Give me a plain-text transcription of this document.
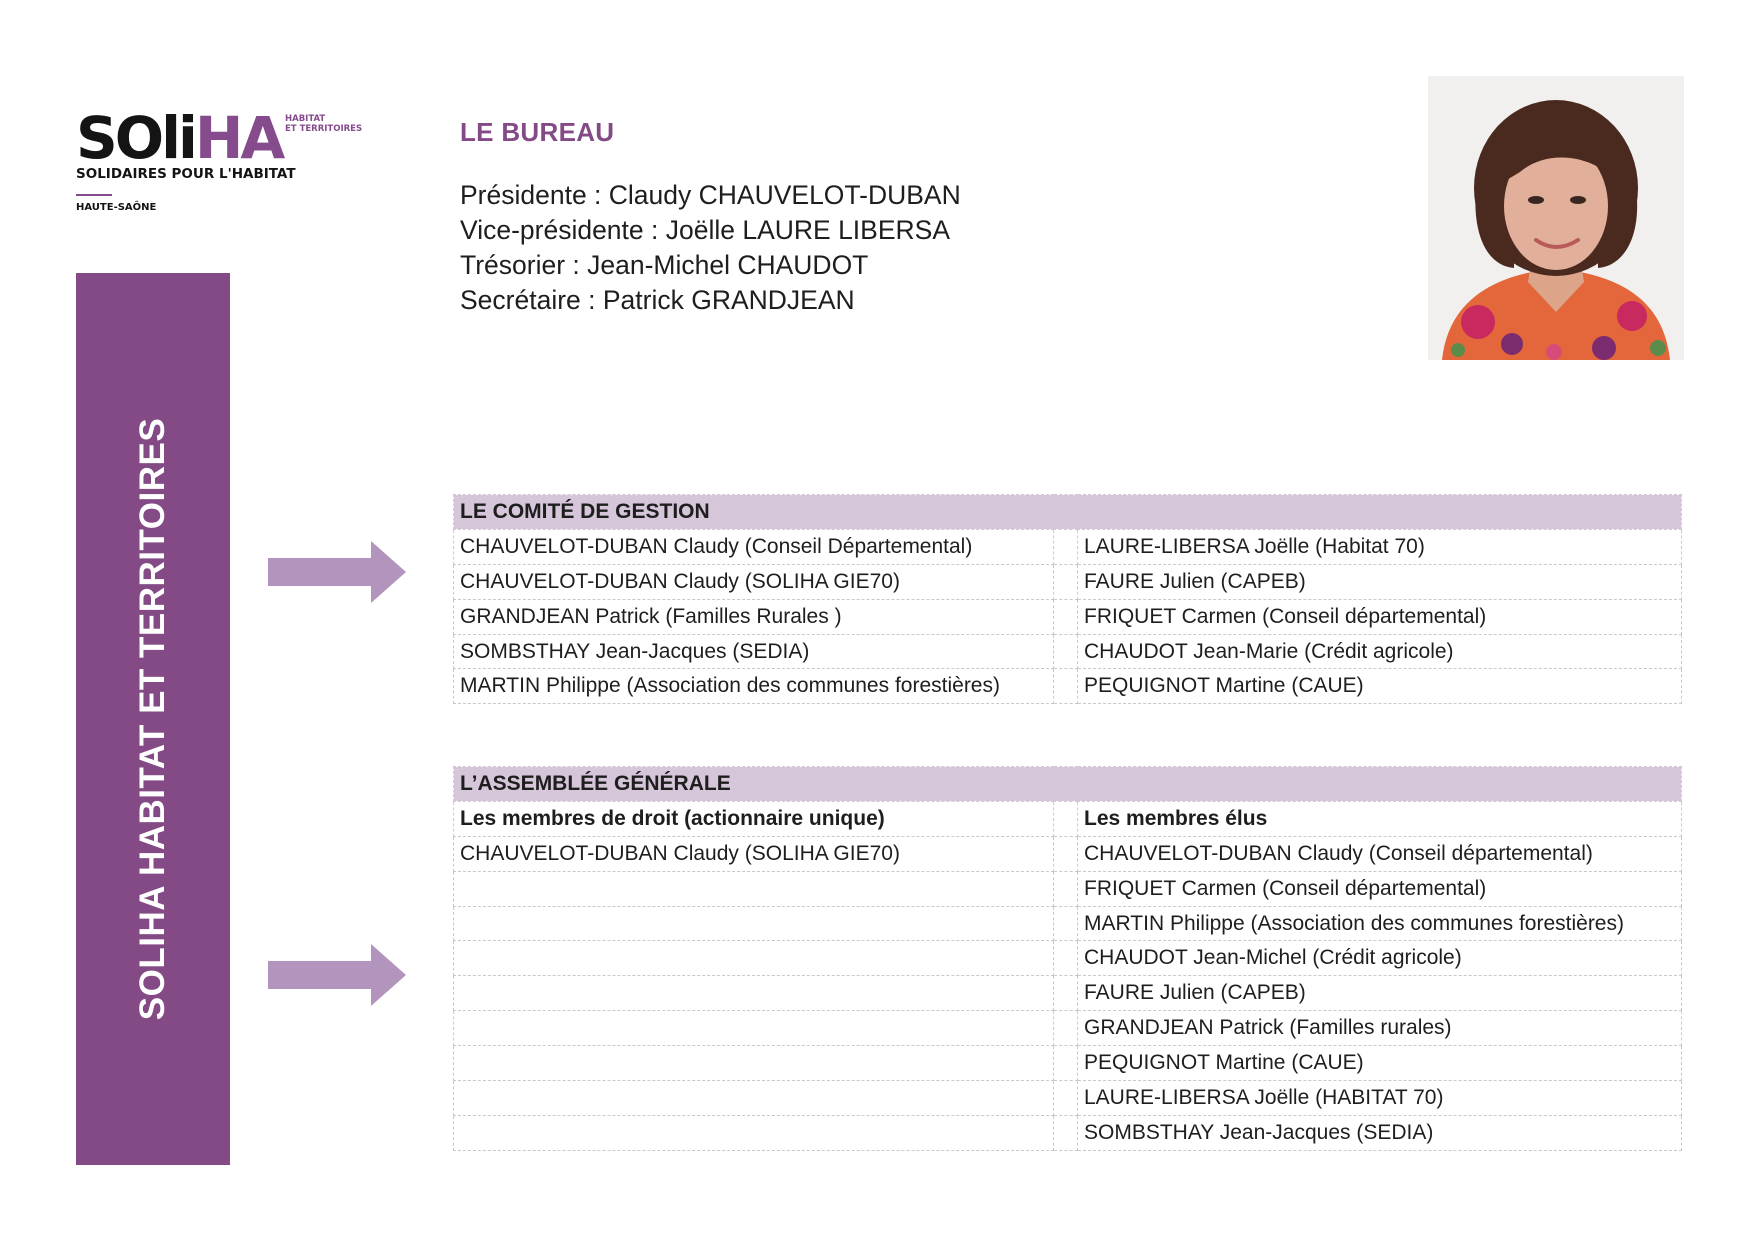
SOliHA HABITAT
ET TERRITOIRES
SOLIDAIRES POUR L'HABITAT
HAUTE-SAÔNE
SOLIHA HABITAT ET TERRITOIRES
LE BUREAU
Présidente : Claudy CHAUVELOT-DUBAN
Vice-présidente : Joëlle LAURE LIBERSA
Trésorier : Jean-Michel CHAUDOT
Secrétaire : Patrick GRANDJEAN
LE COMITÉ DE GESTION		
CHAUVELOT-DUBAN Claudy (Conseil Départemental)		LAURE-LIBERSA Joëlle (Habitat 70)
CHAUVELOT-DUBAN Claudy (SOLIHA GIE70)		FAURE Julien (CAPEB)
GRANDJEAN Patrick (Familles Rurales )		FRIQUET Carmen (Conseil départemental)
SOMBSTHAY Jean-Jacques (SEDIA)		CHAUDOT Jean-Marie (Crédit agricole)
MARTIN Philippe (Association des communes forestières)		PEQUIGNOT Martine (CAUE)
L’ASSEMBLÉE GÉNÉRALE		
Les membres de droit (actionnaire unique)		Les membres élus
CHAUVELOT-DUBAN Claudy (SOLIHA GIE70)		CHAUVELOT-DUBAN Claudy (Conseil départemental)
		FRIQUET Carmen (Conseil départemental)
		MARTIN Philippe (Association des communes forestières)
		CHAUDOT Jean-Michel (Crédit agricole)
		FAURE Julien (CAPEB)
		GRANDJEAN Patrick (Familles rurales)
		PEQUIGNOT Martine (CAUE)
		LAURE-LIBERSA Joëlle (HABITAT 70)
		SOMBSTHAY Jean-Jacques (SEDIA)
